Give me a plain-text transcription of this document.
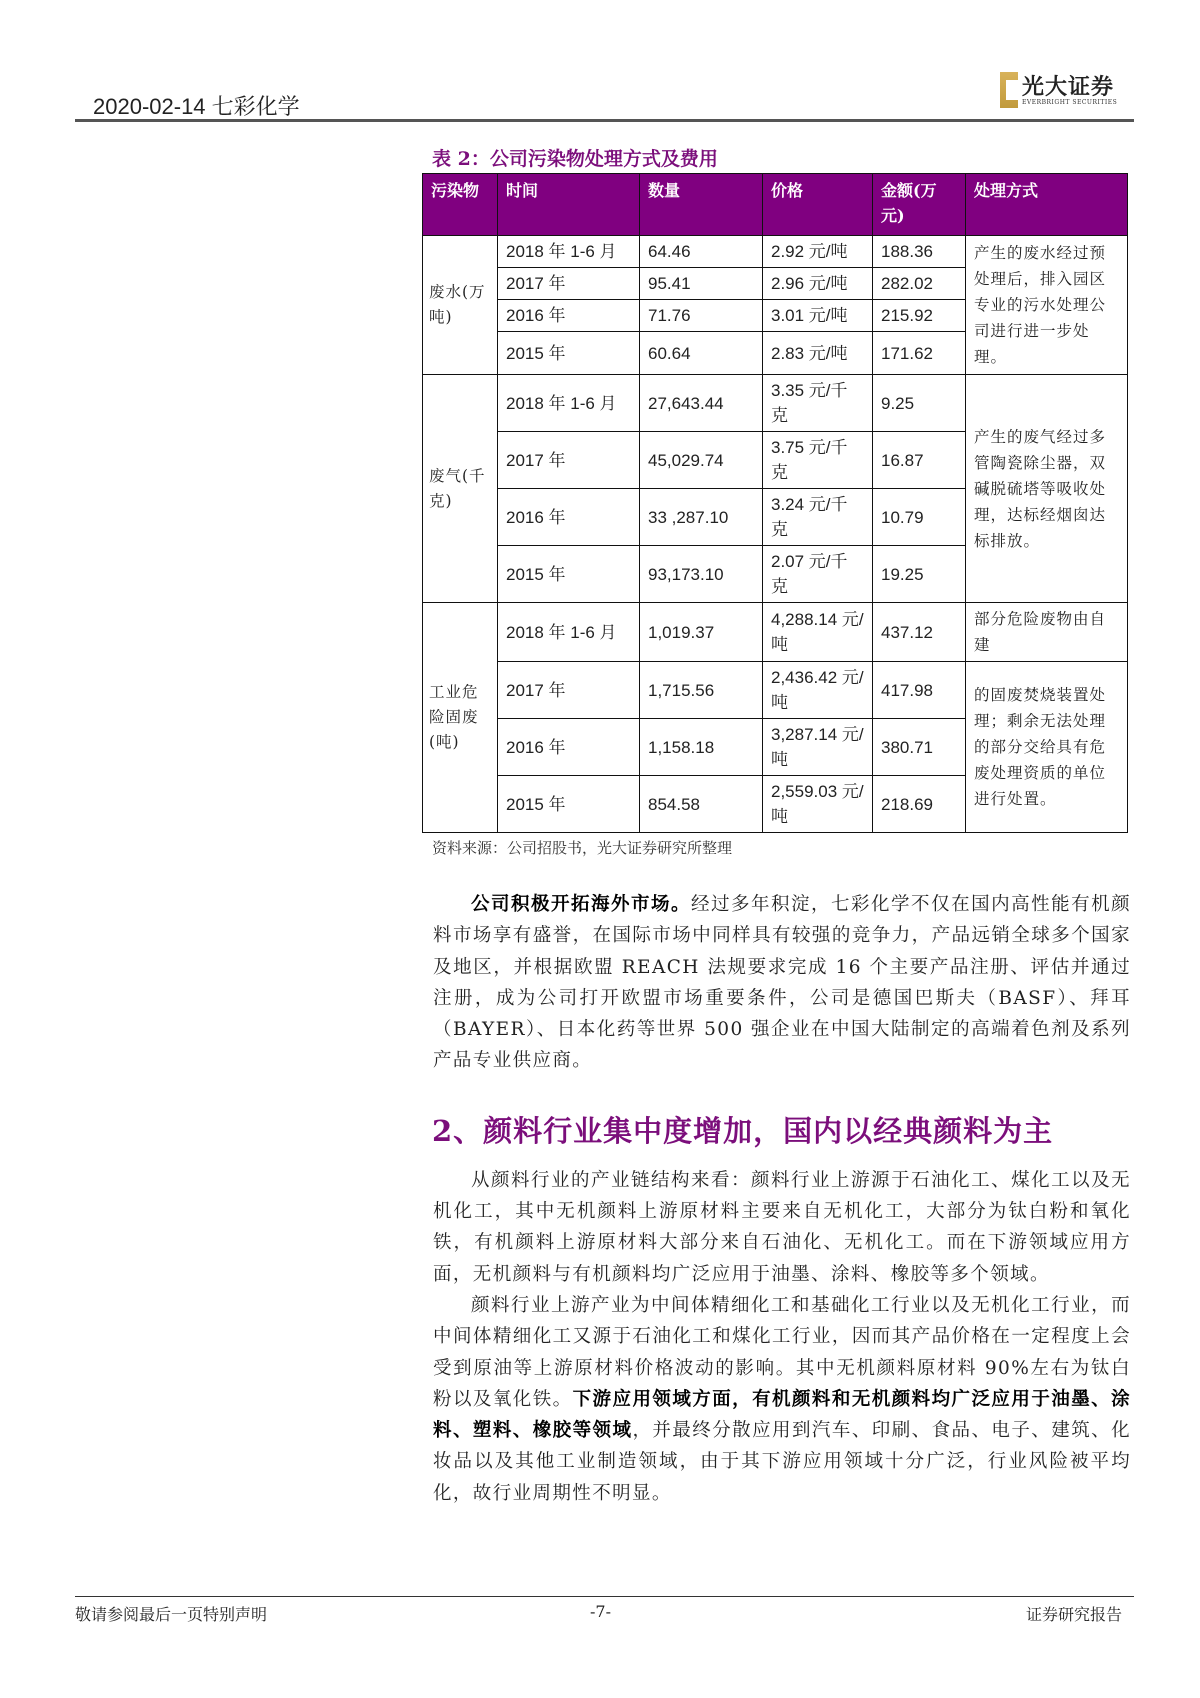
2020-02-14 七彩化学
光大证券
EVERBRIGHT SECURITIES
表 2：公司污染物处理方式及费用
污染物	时间	数量	价格	金额(万元)	处理方式
废水(万吨)	2018 年 1-6 月	64.46	2.92 元/吨	188.36	产生的废水经过预处理后，排入园区专业的污水处理公司进行进一步处理。
	2017 年	95.41	2.96 元/吨	282.02	
	2016 年	71.76	3.01 元/吨	215.92	
	2015 年	60.64	2.83 元/吨	171.62	
废气(千克)	2018 年 1-6 月	27,643.44	3.35 元/千克	9.25	产生的废气经过多管陶瓷除尘器，双碱脱硫塔等吸收处理，达标经烟囱达标排放。
	2017 年	45,029.74	3.75 元/千克	16.87	
	2016 年	33 ,287.10	3.24 元/千克	10.79	
	2015 年	93,173.10	2.07 元/千克	19.25	
工业危险固废(吨)	2018 年 1-6 月	1,019.37	4,288.14 元/吨	437.12	部分危险废物由自建
	2017 年	1,715.56	2,436.42 元/吨	417.98	的固废焚烧装置处理；剩余无法处理的部分交给具有危废处理资质的单位进行处置。
	2016 年	1,158.18	3,287.14 元/吨	380.71	
	2015 年	854.58	2,559.03 元/吨	218.69	
资料来源：公司招股书，光大证券研究所整理
公司积极开拓海外市场。经过多年积淀，七彩化学不仅在国内高性能有机颜料市场享有盛誉，在国际市场中同样具有较强的竞争力，产品远销全球多个国家及地区，并根据欧盟 REACH 法规要求完成 16 个主要产品注册、评估并通过注册，成为公司打开欧盟市场重要条件，公司是德国巴斯夫（BASF）、拜耳（BAYER）、日本化药等世界 500 强企业在中国大陆制定的高端着色剂及系列产品专业供应商。
2、颜料行业集中度增加，国内以经典颜料为主
从颜料行业的产业链结构来看：颜料行业上游源于石油化工、煤化工以及无机化工，其中无机颜料上游原材料主要来自无机化工，大部分为钛白粉和氧化铁，有机颜料上游原材料大部分来自石油化、无机化工。而在下游领域应用方面，无机颜料与有机颜料均广泛应用于油墨、涂料、橡胶等多个领域。
颜料行业上游产业为中间体精细化工和基础化工行业以及无机化工行业，而中间体精细化工又源于石油化工和煤化工行业，因而其产品价格在一定程度上会受到原油等上游原材料价格波动的影响。其中无机颜料原材料 90%左右为钛白粉以及氧化铁。下游应用领域方面，有机颜料和无机颜料均广泛应用于油墨、涂料、塑料、橡胶等领域，并最终分散应用到汽车、印刷、食品、电子、建筑、化妆品以及其他工业制造领域，由于其下游应用领域十分广泛，行业风险被平均化，故行业周期性不明显。
敬请参阅最后一页特别声明	-7-	证券研究报告
